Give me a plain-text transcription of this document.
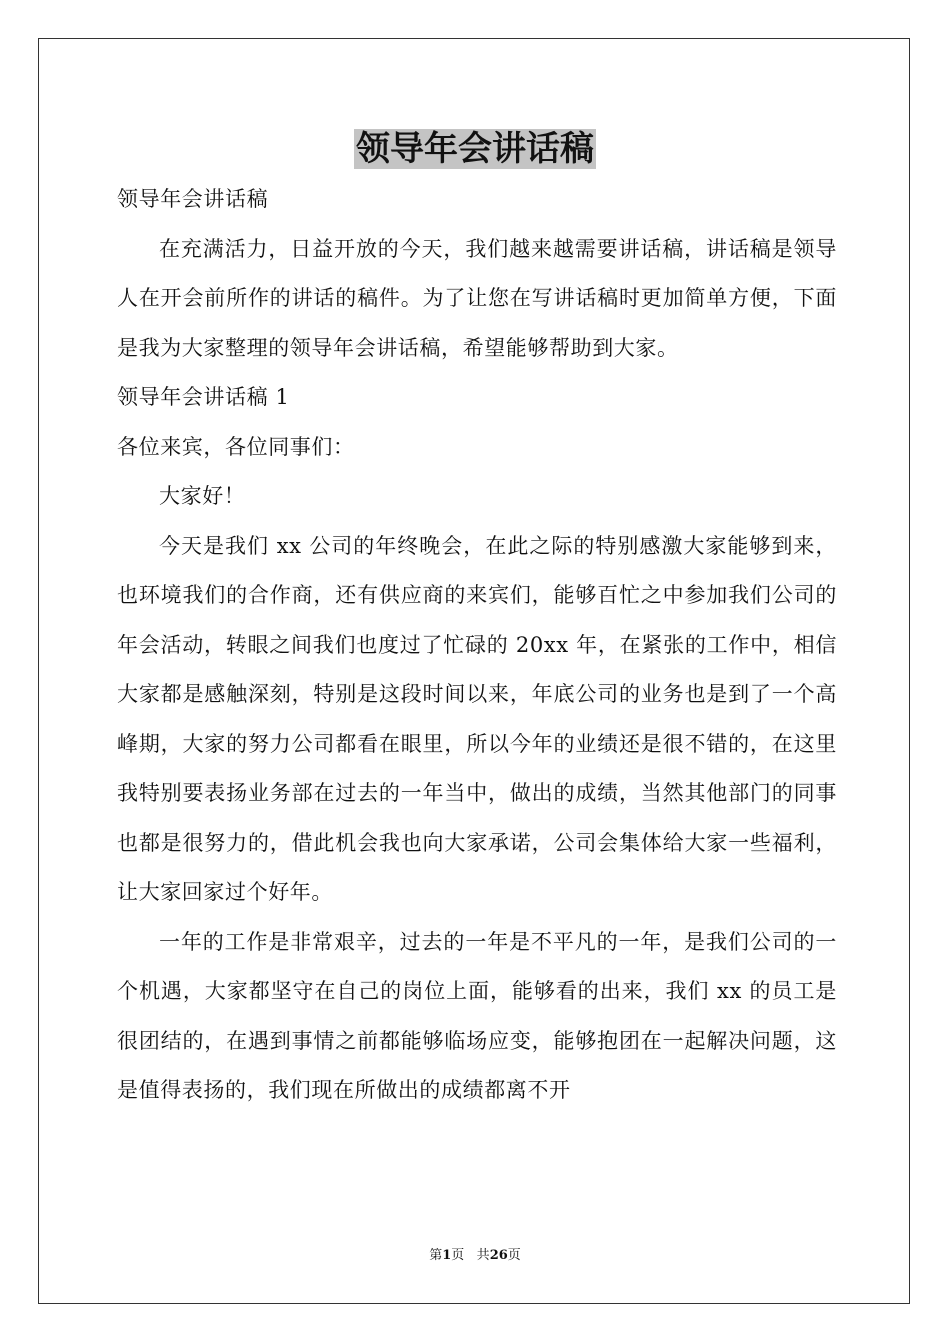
领导年会讲话稿

领导年会讲话稿

在充满活力，日益开放的今天，我们越来越需要讲话稿，讲话稿是领导人在开会前所作的讲话的稿件。为了让您在写讲话稿时更加简单方便，下面是我为大家整理的领导年会讲话稿，希望能够帮助到大家。

领导年会讲话稿 1

各位来宾，各位同事们：

大家好！

今天是我们 xx 公司的年终晚会，在此之际的特别感激大家能够到来，也环境我们的合作商，还有供应商的来宾们，能够百忙之中参加我们公司的年会活动，转眼之间我们也度过了忙碌的 20xx 年，在紧张的工作中，相信大家都是感触深刻，特别是这段时间以来，年底公司的业务也是到了一个高峰期，大家的努力公司都看在眼里，所以今年的业绩还是很不错的，在这里我特别要表扬业务部在过去的一年当中，做出的成绩，当然其他部门的同事也都是很努力的，借此机会我也向大家承诺，公司会集体给大家一些福利，让大家回家过个好年。

一年的工作是非常艰辛，过去的一年是不平凡的一年，是我们公司的一个机遇，大家都坚守在自己的岗位上面，能够看的出来，我们 xx 的员工是很团结的，在遇到事情之前都能够临场应变，能够抱团在一起解决问题，这是值得表扬的，我们现在所做出的成绩都离不开

第1页 共26页
